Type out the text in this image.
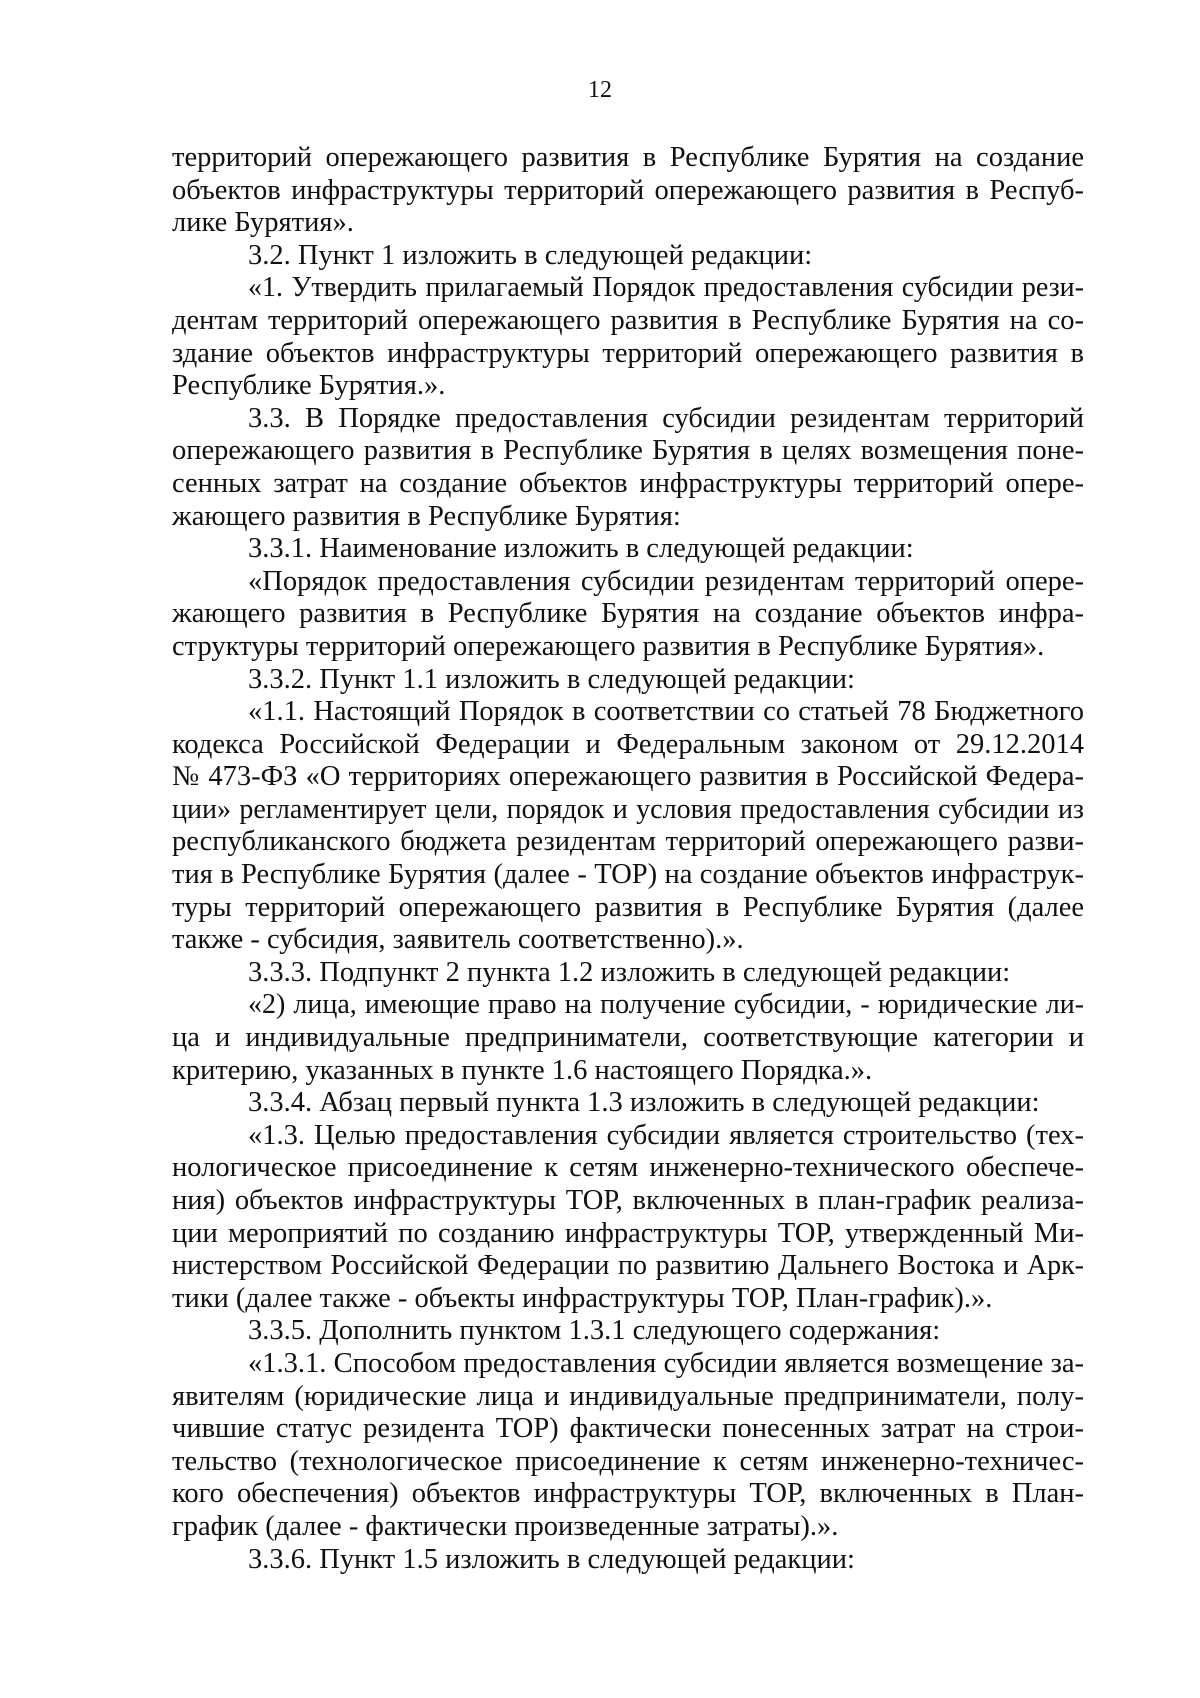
12
территорий опережающего развития в Республике Бурятия на создание
объектов инфраструктуры территорий опережающего развития в Респуб-
лике Бурятия».
3.2. Пункт 1 изложить в следующей редакции:
«1. Утвердить прилагаемый Порядок предоставления субсидии рези-
дентам территорий опережающего развития в Республике Бурятия на со-
здание объектов инфраструктуры территорий опережающего развития в
Республике Бурятия.».
3.3. В Порядке предоставления субсидии резидентам территорий
опережающего развития в Республике Бурятия в целях возмещения поне-
сенных затрат на создание объектов инфраструктуры территорий опере-
жающего развития в Республике Бурятия:
3.3.1. Наименование изложить в следующей редакции:
«Порядок предоставления субсидии резидентам территорий опере-
жающего развития в Республике Бурятия на создание объектов инфра-
структуры территорий опережающего развития в Республике Бурятия».
3.3.2. Пункт 1.1 изложить в следующей редакции:
«1.1. Настоящий Порядок в соответствии со статьей 78 Бюджетного
кодекса Российской Федерации и Федеральным законом от 29.12.2014
№ 473-ФЗ «О территориях опережающего развития в Российской Федера-
ции» регламентирует цели, порядок и условия предоставления субсидии из
республиканского бюджета резидентам территорий опережающего разви-
тия в Республике Бурятия (далее - ТОР) на создание объектов инфраструк-
туры территорий опережающего развития в Республике Бурятия (далее
также - субсидия, заявитель соответственно).».
3.3.3. Подпункт 2 пункта 1.2 изложить в следующей редакции:
«2) лица, имеющие право на получение субсидии, - юридические ли-
ца и индивидуальные предприниматели, соответствующие категории и
критерию, указанных в пункте 1.6 настоящего Порядка.».
3.3.4. Абзац первый пункта 1.3 изложить в следующей редакции:
«1.3. Целью предоставления субсидии является строительство (тех-
нологическое присоединение к сетям инженерно-технического обеспече-
ния) объектов инфраструктуры ТОР, включенных в план-график реализа-
ции мероприятий по созданию инфраструктуры ТОР, утвержденный Ми-
нистерством Российской Федерации по развитию Дальнего Востока и Арк-
тики (далее также - объекты инфраструктуры ТОР, План-график).».
3.3.5. Дополнить пунктом 1.3.1 следующего содержания:
«1.3.1. Способом предоставления субсидии является возмещение за-
явителям (юридические лица и индивидуальные предприниматели, полу-
чившие статус резидента ТОР) фактически понесенных затрат на строи-
тельство (технологическое присоединение к сетям инженерно-техничес-
кого обеспечения) объектов инфраструктуры ТОР, включенных в План-
график (далее - фактически произведенные затраты).».
3.3.6. Пункт 1.5 изложить в следующей редакции:
